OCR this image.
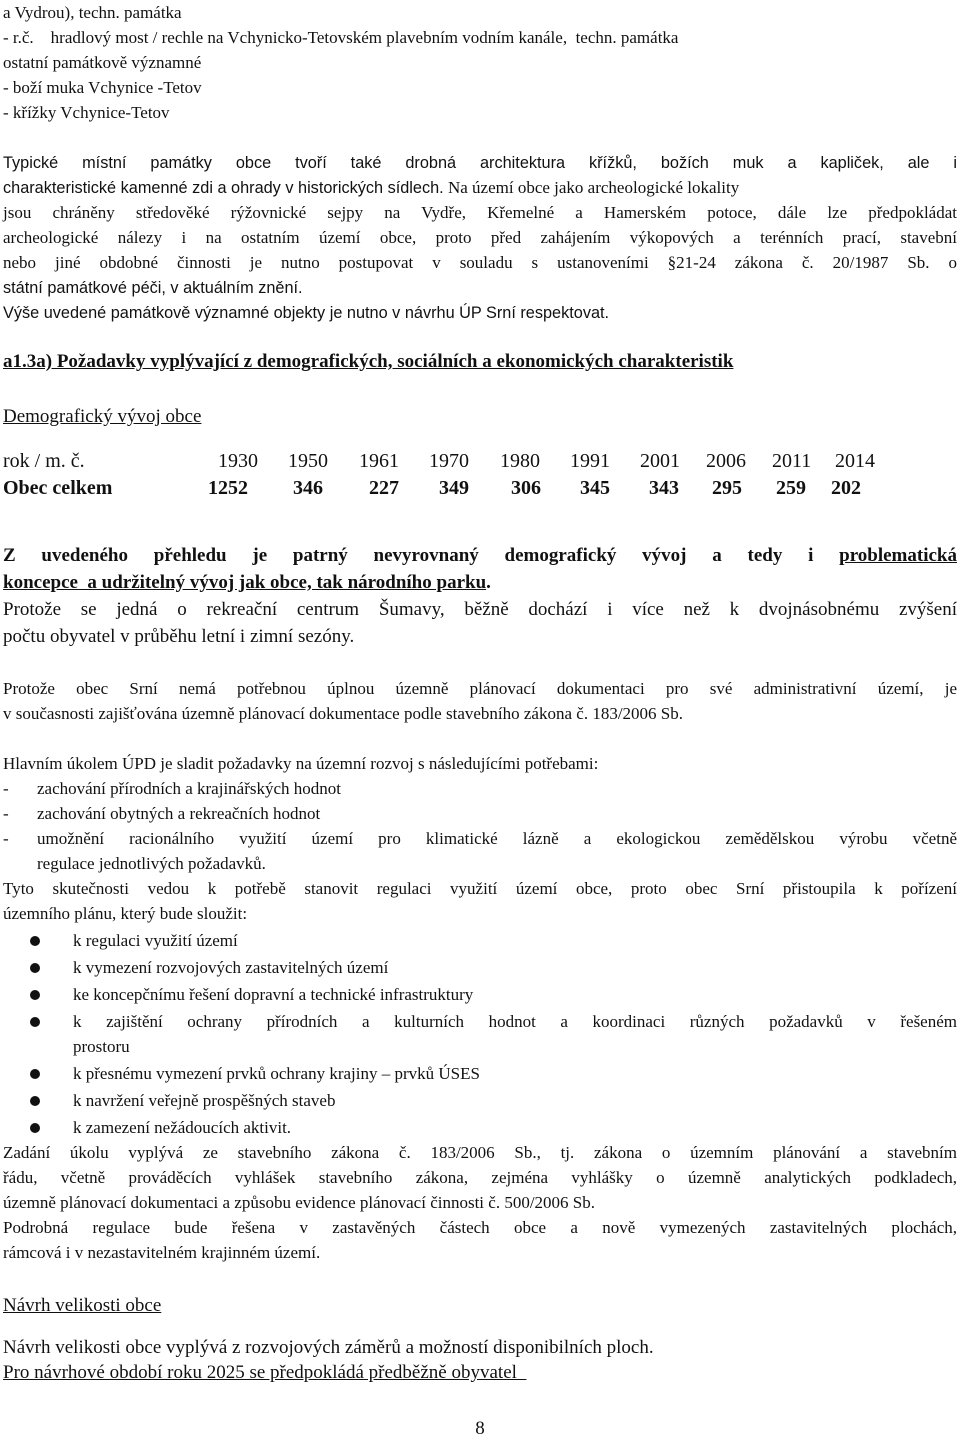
a Vydrou), techn. památka
- r.č.    hradlový most / rechle na Vchynicko-Tetovském plavebním vodním kanále,  techn. památka
ostatní památkově významné
- boží muka Vchynice -Tetov
- křížky Vchynice-Tetov
Typické místní památky obce tvoří také drobná architektura křížků, božích muk a kapliček, ale i
charakteristické kamenné zdi a ohrady v historických sídlech. Na území obce jako archeologické lokality
jsou chráněny středověké rýžovnické sejpy na Vydře, Křemelné a Hamerském potoce, dále lze předpokládat
archeologické nálezy i na ostatním území obce, proto před zahájením výkopových a terénních prací, stavební
nebo jiné obdobné činnosti je nutno postupovat v souladu s ustanoveními §21-24 zákona č. 20/1987 Sb. o
státní památkové péči, v aktuálním znění.
Výše uvedené památkově významné objekty je nutno v návrhu ÚP Srní respektovat.
a1.3a) Požadavky vyplývající z demografických, sociálních a ekonomických charakteristik
Demografický vývoj obce
rok / m. č.	1930 1950 1961 1970 1980 1991 2001 2006 2011 2014
Obec celkem	1252 346 227 349 306 345 343 295 259 202
Z uvedeného přehledu je patrný nevyrovnaný demografický vývoj a tedy i problematická
koncepce  a udržitelný vývoj jak obce, tak národního parku.
Protože se jedná o rekreační centrum Šumavy, běžně dochází i více než k dvojnásobnému zvýšení
počtu obyvatel v průběhu letní i zimní sezóny.
Protože obec Srní nemá potřebnou úplnou územně plánovací dokumentaci pro své administrativní území, je
v současnosti zajišťována územně plánovací dokumentace podle stavebního zákona č. 183/2006 Sb.
Hlavním úkolem ÚPD je sladit požadavky na územní rozvoj s následujícími potřebami:
- zachování přírodních a krajinářských hodnot
- zachování obytných a rekreačních hodnot
- umožnění racionálního využití území pro klimatické lázně a ekologickou zemědělskou výrobu včetně
regulace jednotlivých požadavků.
Tyto skutečnosti vedou k potřebě stanovit regulaci využití území obce, proto obec Srní přistoupila k pořízení
územního plánu, který bude sloužit:
k regulaci využití území
k vymezení rozvojových zastavitelných území
ke koncepčnímu řešení dopravní a technické infrastruktury
k zajištění ochrany přírodních a kulturních hodnot a koordinaci různých požadavků v řešeném
prostoru
k přesnému vymezení prvků ochrany krajiny – prvků ÚSES
k navržení veřejně prospěšných staveb
k zamezení nežádoucích aktivit.
Zadání úkolu vyplývá ze stavebního zákona č. 183/2006 Sb., tj. zákona o územním plánování a stavebním
řádu, včetně prováděcích vyhlášek stavebního zákona, zejména vyhlášky o územně analytických podkladech,
územně plánovací dokumentaci a způsobu evidence plánovací činnosti č. 500/2006 Sb.
Podrobná regulace bude řešena v zastavěných částech obce a nově vymezených zastavitelných plochách,
rámcová i v nezastavitelném krajinném území.
Návrh velikosti obce
Návrh velikosti obce vyplývá z rozvojových záměrů a možností disponibilních ploch.
Pro návrhové období roku 2025 se předpokládá předběžně obyvatel
8
